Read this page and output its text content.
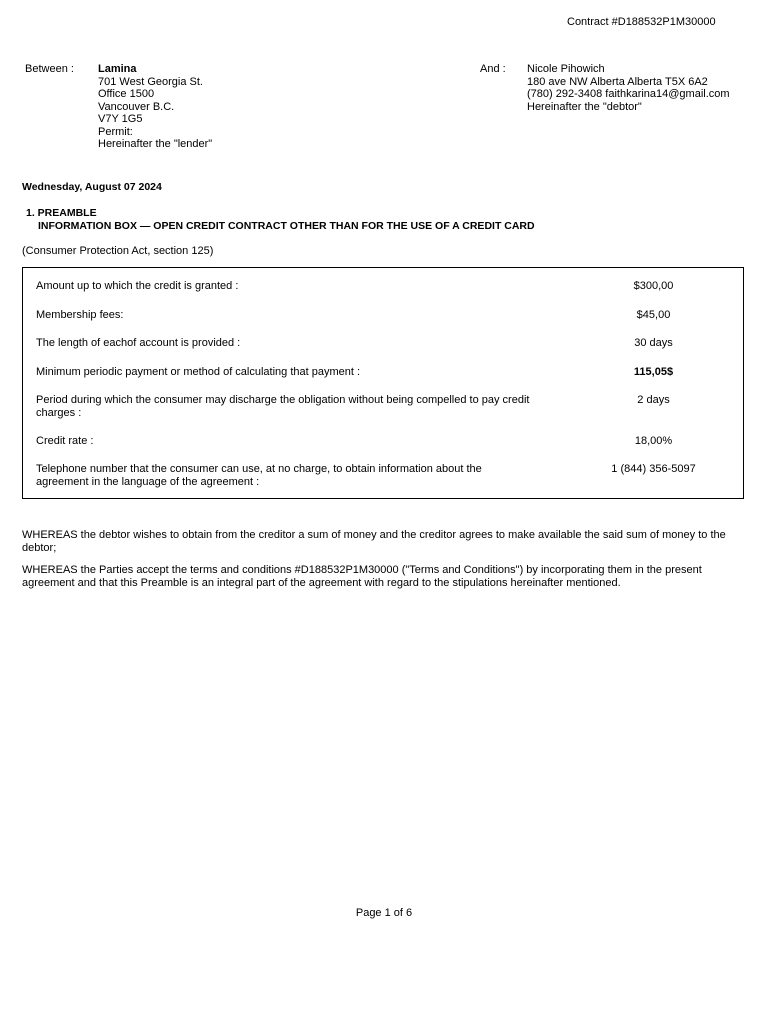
Contract #D188532P1M30000
Between : Lamina
701 West Georgia St.
Office 1500
Vancouver B.C.
V7Y 1G5
Permit:
Hereinafter the "lender"
And : Nicole Pihowich
180 ave NW Alberta Alberta T5X 6A2
(780) 292-3408 faithkarina14@gmail.com
Hereinafter the "debtor"
Wednesday, August 07 2024
1. PREAMBLE
INFORMATION BOX — OPEN CREDIT CONTRACT OTHER THAN FOR THE USE OF A CREDIT CARD
(Consumer Protection Act, section 125)
Amount up to which the credit is granted :	$300,00
Membership fees:	$45,00
The length of eachof account is provided :	30 days
Minimum periodic payment or method of calculating that payment :	115,05$
Period during which the consumer may discharge the obligation without being compelled to pay credit charges :
2 days
Credit rate :	18,00%
Telephone number that the consumer can use, at no charge, to obtain information about the agreement in the language of the agreement :
1 (844) 356-5097
WHEREAS the debtor wishes to obtain from the creditor a sum of money and the creditor agrees to make available the said sum of money to the debtor;
WHEREAS the Parties accept the terms and conditions #D188532P1M30000 ("Terms and Conditions") by incorporating them in the present agreement and that this Preamble is an integral part of the agreement with regard to the stipulations hereinafter mentioned.
Page 1 of 6
